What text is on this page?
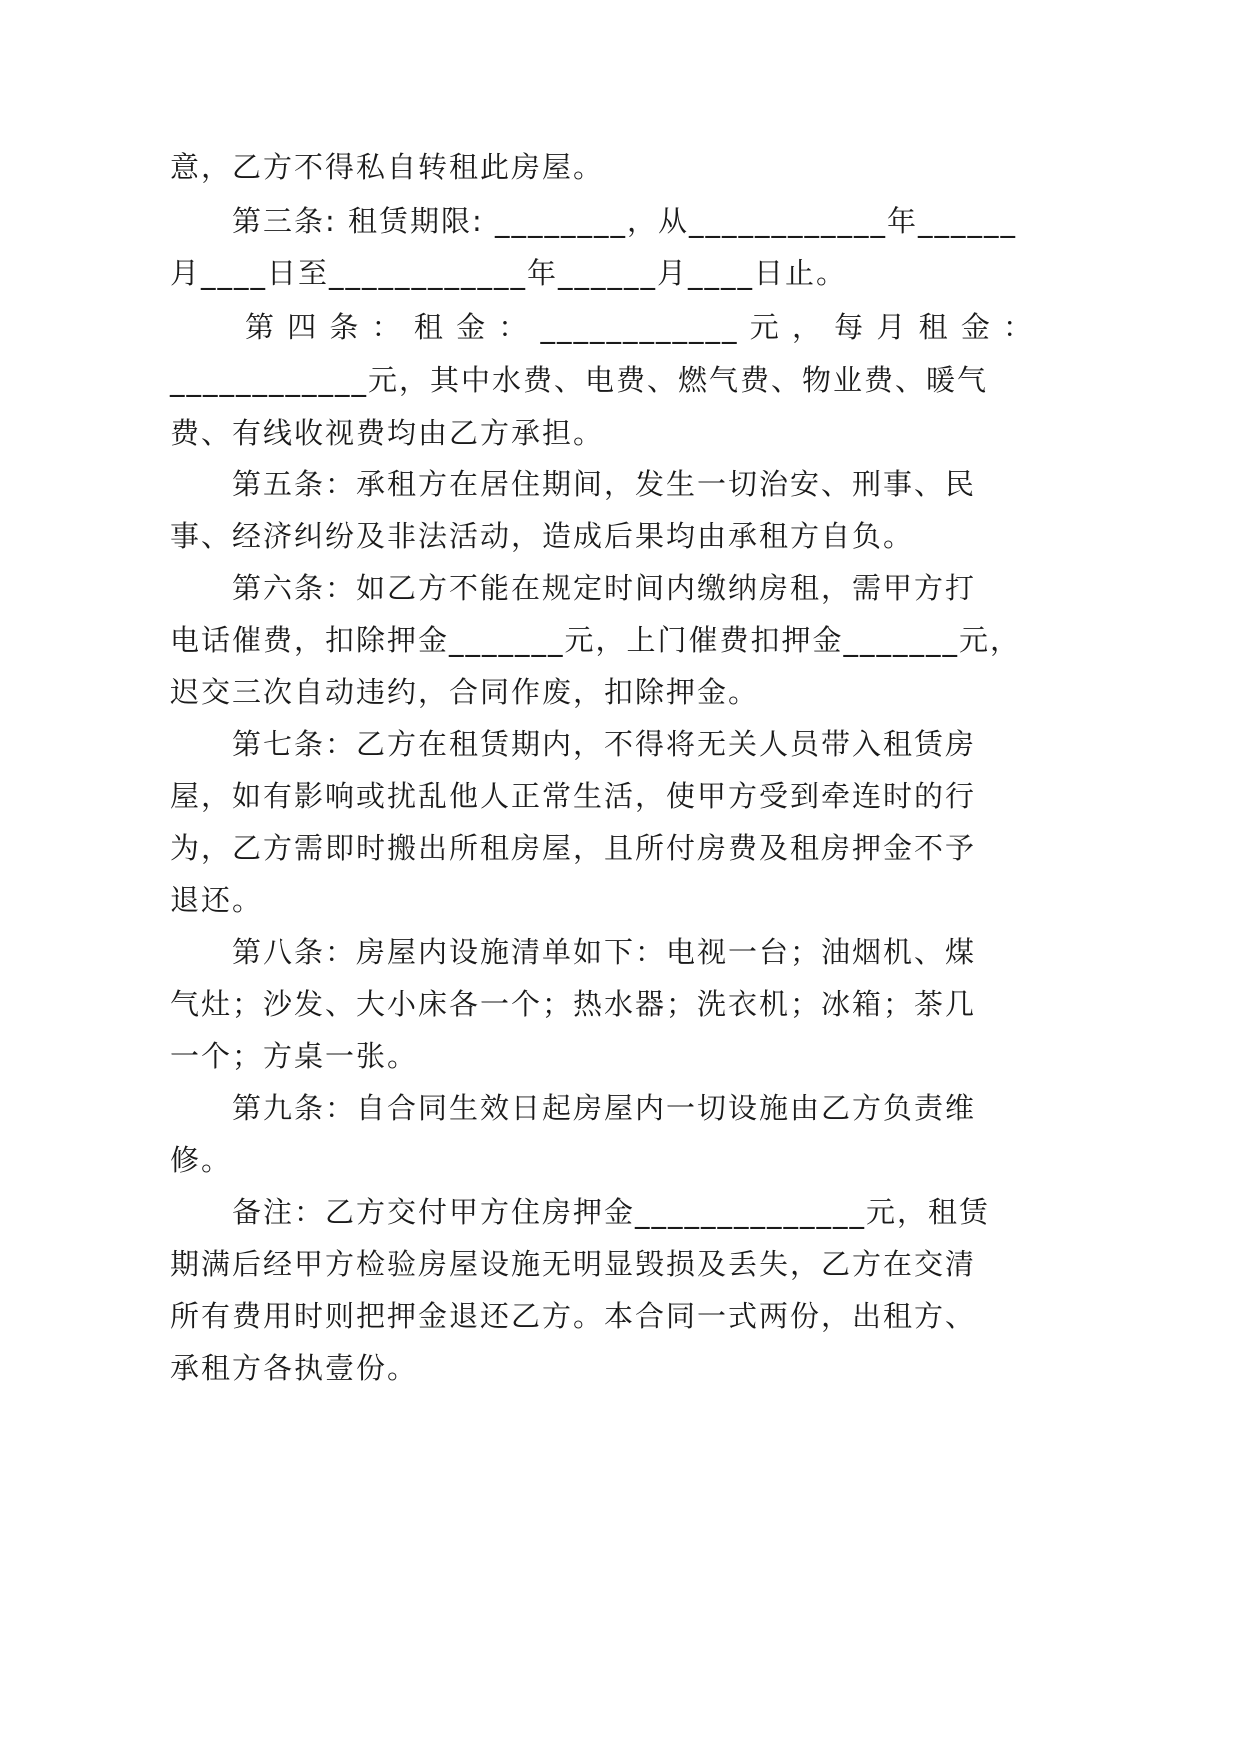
意，乙方不得私自转租此房屋。

第三条: 租赁期限: ________，从____________年______

月____日至____________年______月____日止。

第 四 条 ： 租 金 ： ____________ 元 ， 每 月 租 金 ：

____________元，其中水费、电费、燃气费、物业费、暖气

费、有线收视费均由乙方承担。

第五条：承租方在居住期间，发生一切治安、刑事、民

事、经济纠纷及非法活动，造成后果均由承租方自负。

第六条：如乙方不能在规定时间内缴纳房租，需甲方打

电话催费，扣除押金_______元，上门催费扣押金_______元，

迟交三次自动违约，合同作废，扣除押金。

第七条：乙方在租赁期内，不得将无关人员带入租赁房

屋，如有影响或扰乱他人正常生活，使甲方受到牵连时的行

为，乙方需即时搬出所租房屋，且所付房费及租房押金不予

退还。

第八条：房屋内设施清单如下：电视一台；油烟机、煤

气灶；沙发、大小床各一个；热水器；洗衣机；冰箱；茶几

一个；方桌一张。

第九条：自合同生效日起房屋内一切设施由乙方负责维

修。

备注：乙方交付甲方住房押金______________元，租赁

期满后经甲方检验房屋设施无明显毁损及丢失，乙方在交清

所有费用时则把押金退还乙方。本合同一式两份，出租方、

承租方各执壹份。
